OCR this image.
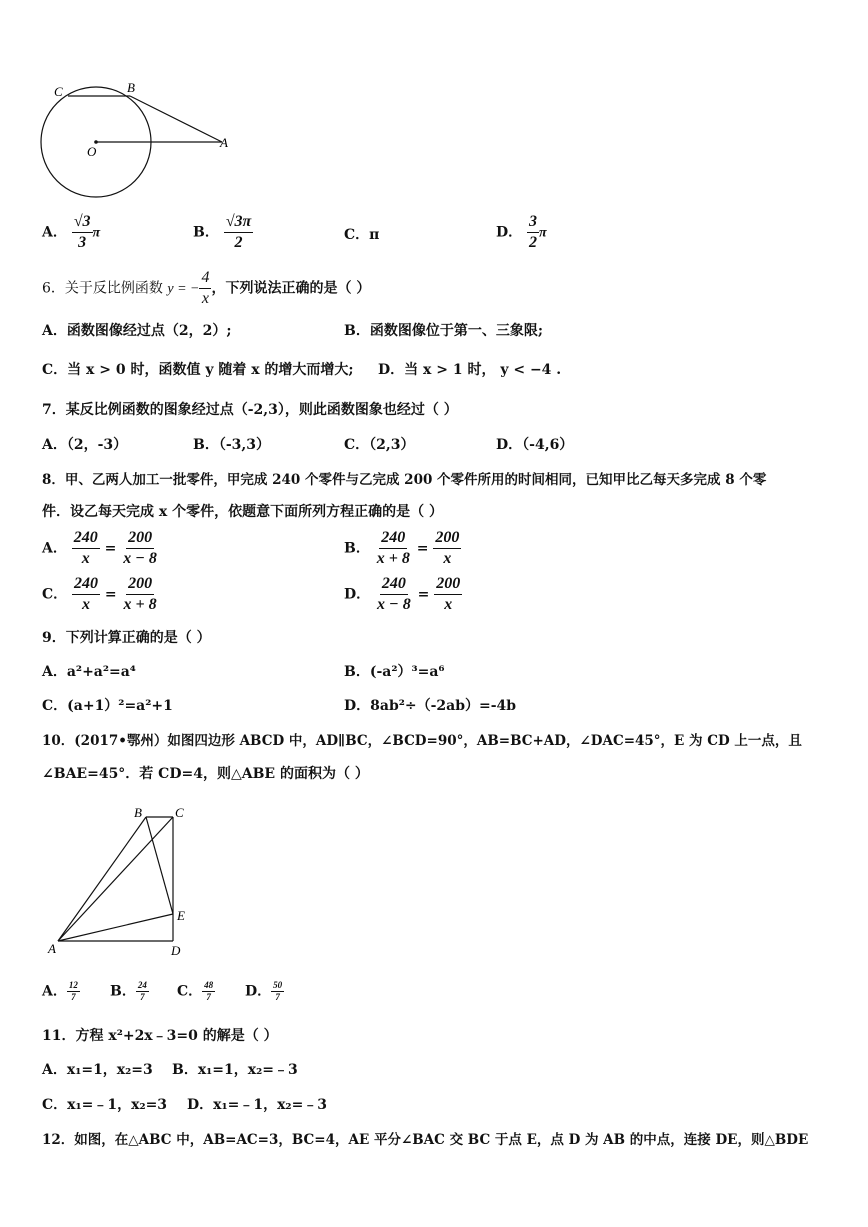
C	B
O
A
A． $\frac{√3}{3}$ π	B． $\frac{√3\pi}{2}$	C．π	D． $\frac{3}{2}$ π
6．关于反比例函数 y = − $\frac{4}{x}$ ，下列说法正确的是（ ）
A．函数图像经过点（2，2）;	B．函数图像位于第一、三象限;
C．当 x > 0 时，函数值 y 随着 x 的增大而增大; D．当 x > 1 时， y < −4 .
7．某反比例函数的图象经过点（-2,3），则此函数图象也经过（ ）
A．（2，-3）	B．（-3,3）	C．（2,3）	D．（-4,6）
8．甲、乙两人加工一批零件，甲完成 240 个零件与乙完成 200 个零件所用的时间相同，已知甲比乙每天多完成 8 个零
件．设乙每天完成 x 个零件，依题意下面所列方程正确的是（ ）
A． $\frac{240}{x} = \frac{200}{x - 8}$	B． $\frac{240}{x + 8} = \frac{200}{x}$
C． $\frac{240}{x} = \frac{200}{x + 8}$	D． $\frac{240}{x - 8} = \frac{200}{x}$
9．下列计算正确的是（ ）
A．a²+a²=a⁴	B．(-a²）³=a⁶
C．(a+1）²=a²+1	D．8ab²÷（-2ab）=-4b
10．(2017•鄂州）如图四边形 ABCD 中，AD∥BC，∠BCD=90°，AB=BC+AD，∠DAC=45°，E 为 CD 上一点，且
∠BAE=45°．若 CD=4，则△ABE 的面积为（ ）
B	C
E
A	D
A． $\frac{12}{7}$ B． $\frac{24}{7}$ C． $\frac{48}{7}$ D． $\frac{50}{7}$
11．方程 x²+2x﹣3=0 的解是（ ）
A．x₁=1，x₂=3 B．x₁=1，x₂=﹣3
C．x₁=﹣1，x₂=3 D．x₁=﹣1，x₂=﹣3
12．如图，在△ABC 中，AB=AC=3，BC=4，AE 平分∠BAC 交 BC 于点 E，点 D 为 AB 的中点，连接 DE，则△BDE
